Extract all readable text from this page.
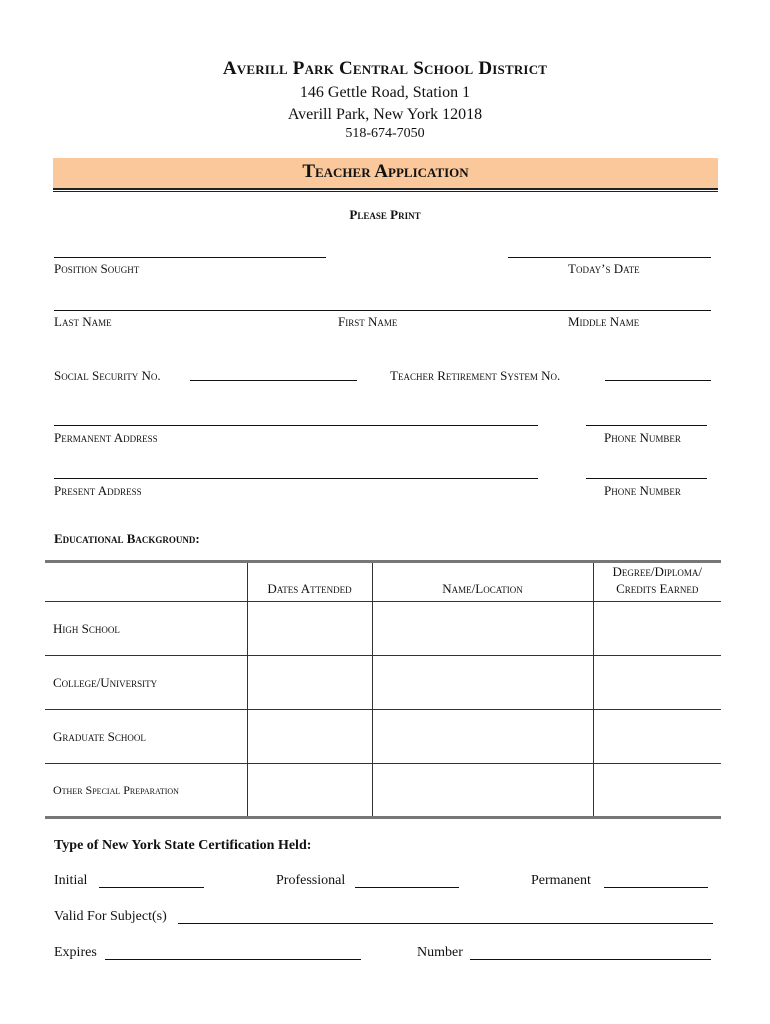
Averill Park Central School District
146 Gettle Road, Station 1
Averill Park, New York 12018
518-674-7050
Teacher Application
Please Print
Position Sought	Today’s Date
Last Name	First Name	Middle Name
Social Security No.	Teacher Retirement System No.
Permanent Address	Phone Number
Present Address	Phone Number
Educational Background:
	Dates Attended	Name/Location	Degree/Diploma/ Credits Earned
High School			
College/University			
Graduate School			
Other Special Preparation			
Type of New York State Certification Held:
Initial	Professional	Permanent
Valid For Subject(s)
Expires	Number
